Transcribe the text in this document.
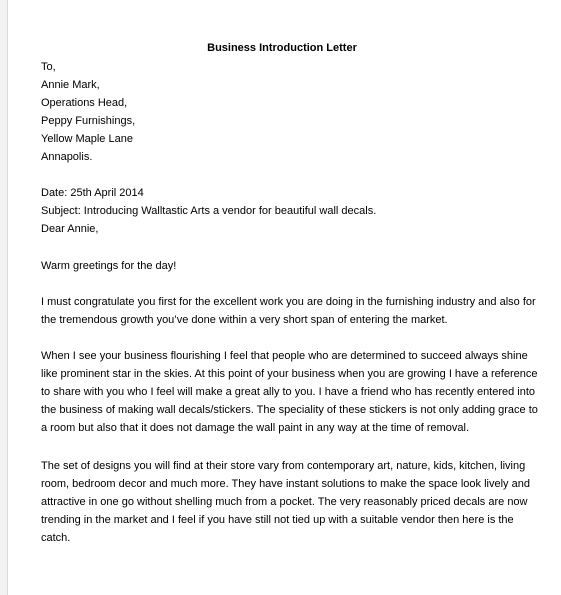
Business Introduction Letter
To,
Annie Mark,
Operations Head,
Peppy Furnishings,
Yellow Maple Lane
Annapolis.
Date: 25th April 2014
Subject: Introducing Walltastic Arts a vendor for beautiful wall decals.
Dear Annie,
Warm greetings for the day!
I must congratulate you first for the excellent work you are doing in the furnishing industry and also for
the tremendous growth you’ve done within a very short span of entering the market.
When I see your business flourishing I feel that people who are determined to succeed always shine
like prominent star in the skies. At this point of your business when you are growing I have a reference
to share with you who I feel will make a great ally to you. I have a friend who has recently entered into
the business of making wall decals/stickers. The speciality of these stickers is not only adding grace to
a room but also that it does not damage the wall paint in any way at the time of removal.
The set of designs you will find at their store vary from contemporary art, nature, kids, kitchen, living
room, bedroom decor and much more. They have instant solutions to make the space look lively and
attractive in one go without shelling much from a pocket. The very reasonably priced decals are now
trending in the market and I feel if you have still not tied up with a suitable vendor then here is the
catch.
